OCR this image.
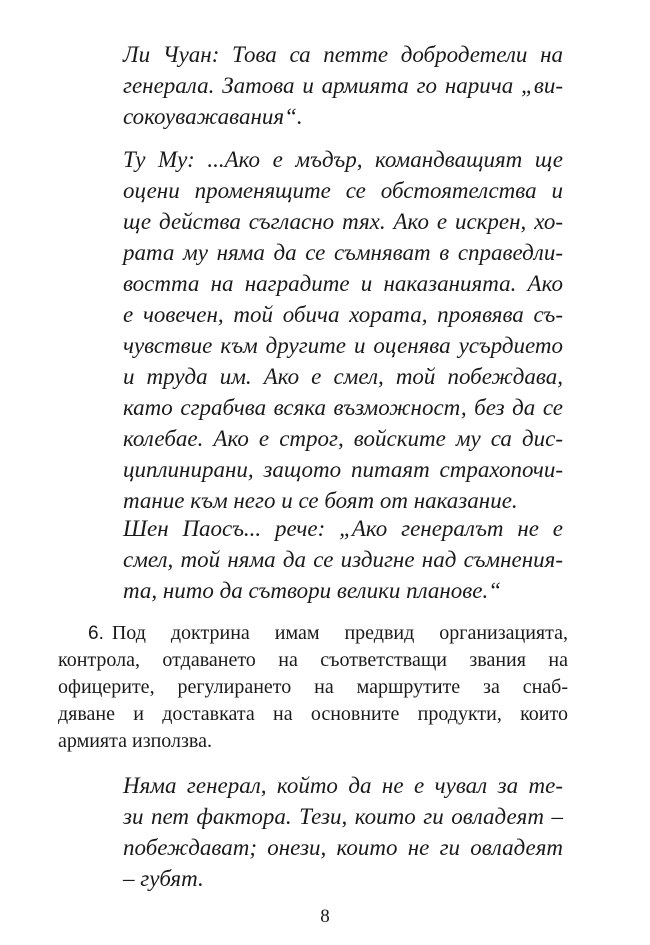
Ли Чуан: Това са петте добродетели на
генерала. Затова и армията го нарича „ви-
сокоуважавания“.
Ту Му: ...Ако е мъдър, командващият ще
оцени променящите се обстоятелства и
ще действа съгласно тях. Ако е искрен, хо-
рата му няма да се съмняват в справедли-
востта на наградите и наказанията. Ако
е човечен, той обича хората, проявява съ-
чувствие към другите и оценява усърдието
и труда им. Ако е смел, той побеждава,
като сграбчва всяка възможност, без да се
колебае. Ако е строг, войските му са дис-
циплинирани, защото питаят страхопочи-
тание към него и се боят от наказание.
Шен Паосъ... рече: „Ако генералът не е
смел, той няма да се издигне над съмнения-
та, нито да сътвори велики планове.“
6. Под доктрина имам предвид организацията,
контрола, отдаването на съответстващи звания на
офицерите, регулирането на маршрутите за снаб-
дяване и доставката на основните продукти, които
армията използва.
Няма генерал, който да не е чувал за те-
зи пет фактора. Тези, които ги овладеят –
побеждават; онези, които не ги овладеят
– губят.
8
